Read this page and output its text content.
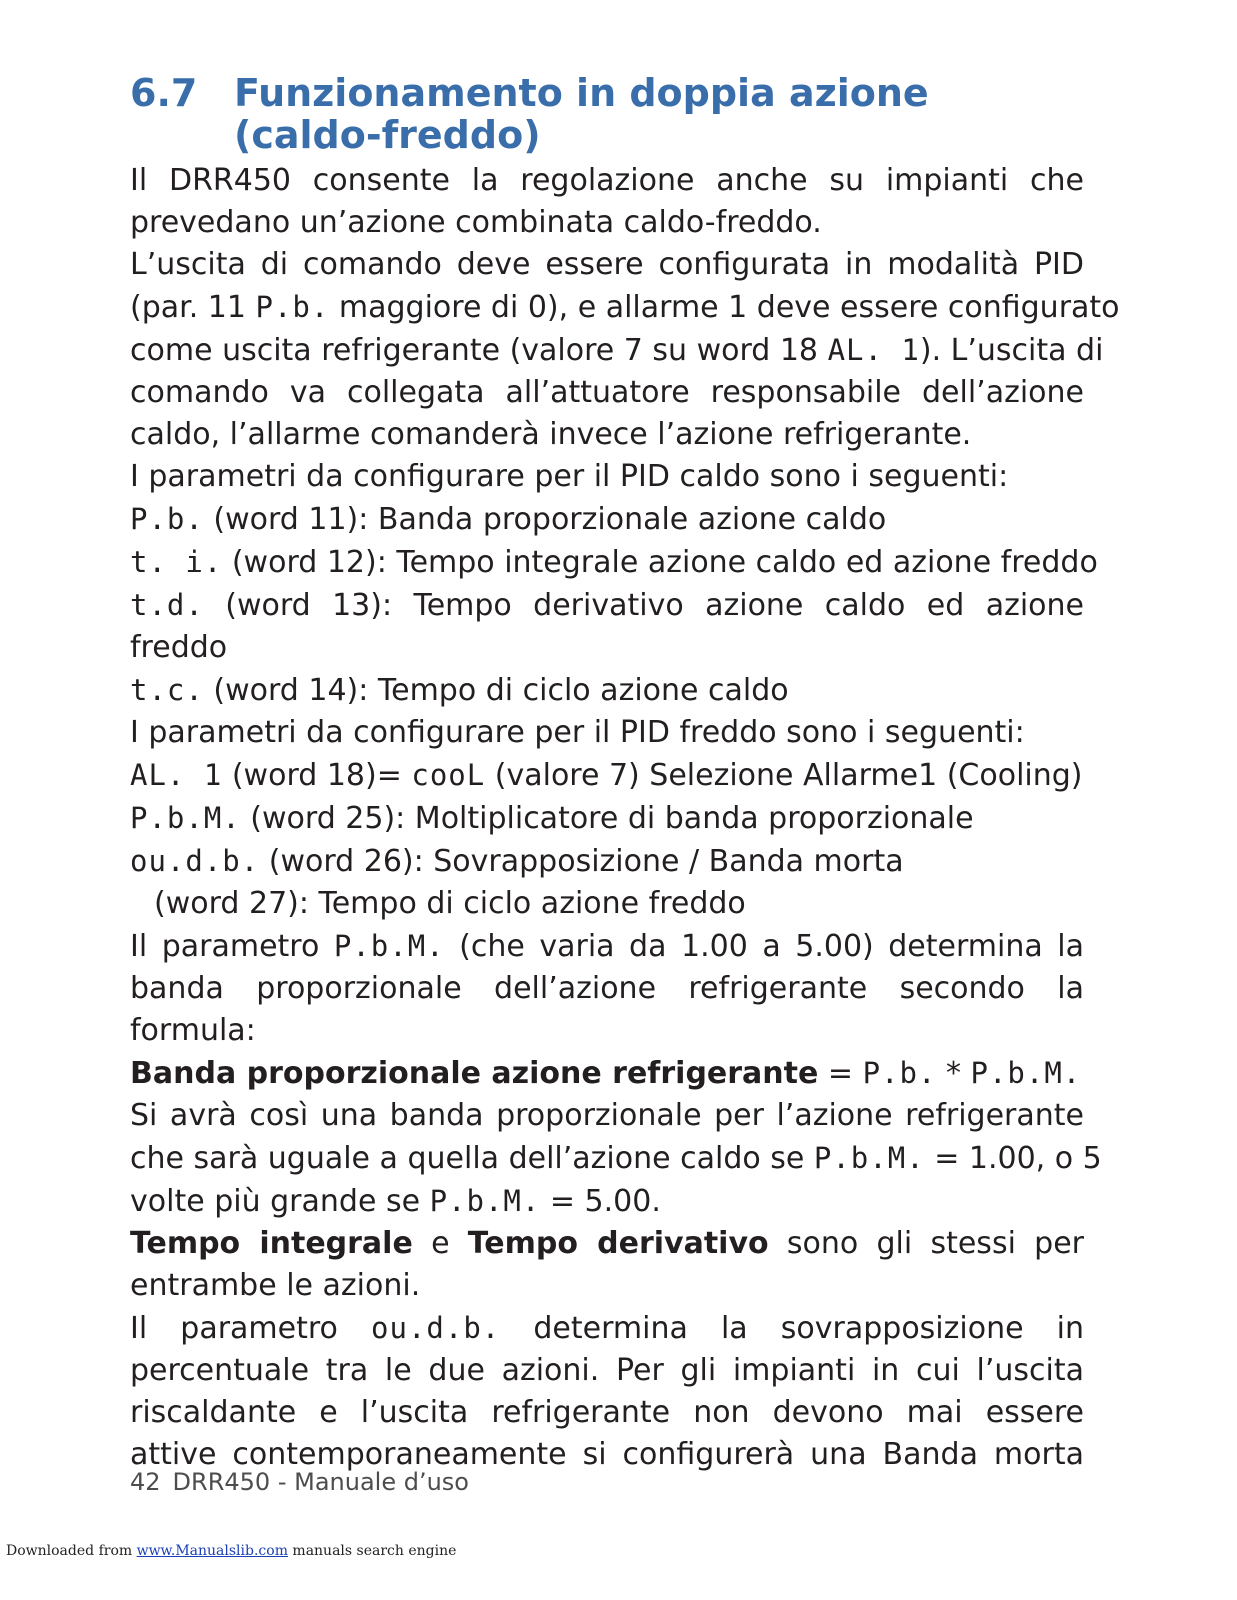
6.7 Funzionamento in doppia azione
(caldo-freddo)
Il DRR450 consente la regolazione anche su impianti che
prevedano un’azione combinata caldo-freddo.
L’uscita di comando deve essere configurata in modalità PID
(par. 11 P.b. maggiore di 0), e allarme 1 deve essere configurato
come uscita refrigerante (valore 7 su word 18 AL. 1). L’uscita di
comando va collegata all’attuatore responsabile dell’azione
caldo, l’allarme comanderà invece l’azione refrigerante.
I parametri da configurare per il PID caldo sono i seguenti:
P.b. (word 11): Banda proporzionale azione caldo
t. i. (word 12): Tempo integrale azione caldo ed azione freddo
t.d. (word 13): Tempo derivativo azione caldo ed azione
freddo
t.c. (word 14): Tempo di ciclo azione caldo
I parametri da configurare per il PID freddo sono i seguenti:
AL. 1 (word 18)= cooL (valore 7) Selezione Allarme1 (Cooling)
P.b.M. (word 25): Moltiplicatore di banda proporzionale
ou.d.b. (word 26): Sovrapposizione / Banda morta
(word 27): Tempo di ciclo azione freddo
Il parametro P.b.M. (che varia da 1.00 a 5.00) determina la
banda proporzionale dell’azione refrigerante secondo la
formula:
Banda proporzionale azione refrigerante = P.b. * P.b.M.
Si avrà così una banda proporzionale per l’azione refrigerante
che sarà uguale a quella dell’azione caldo se P.b.M. = 1.00, o 5
volte più grande se P.b.M. = 5.00.
Tempo integrale e Tempo derivativo sono gli stessi per
entrambe le azioni.
Il parametro ou.d.b. determina la sovrapposizione in
percentuale tra le due azioni. Per gli impianti in cui l’uscita
riscaldante e l’uscita refrigerante non devono mai essere
attive contemporaneamente si configurerà una Banda morta
42 DRR450 - Manuale d’uso
Downloaded from www.Manualslib.com manuals search engine
